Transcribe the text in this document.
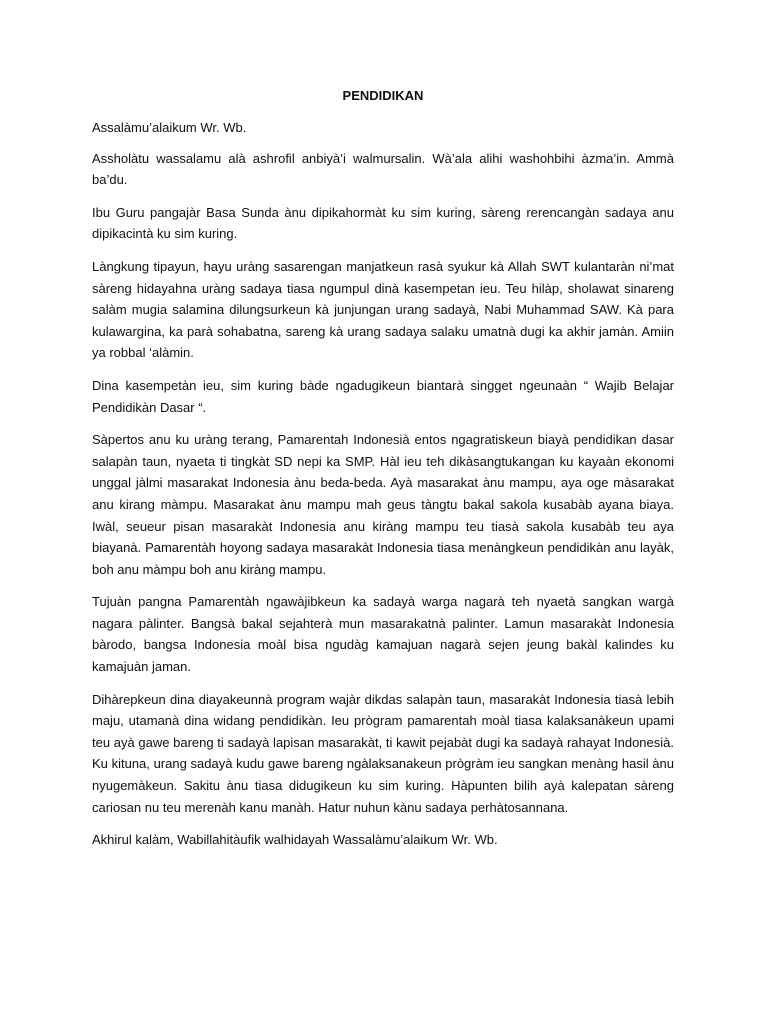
PENDIDIKAN

Assalàmu’alaikum Wr. Wb.

Assholàtu wassalamu alà ashrofil anbiyà’i walmursalin. Wà’ala alihi washohbihi àzma’in. Ammà ba’du.

Ibu Guru pangajàr Basa Sunda ànu dipikahormàt ku sim kuring, sàreng rerencangàn sadaya anu dipikacintà ku sim kuring.

Làngkung tipayun, hayu uràng sasarengan manjatkeun rasà syukur kà Allah SWT kulantaràn ni’mat sàreng hidayahna uràng sadaya tiasa ngumpul dinà kasempetan ieu. Teu hilàp, sholawat sinareng salàm mugia salamina dilungsurkeun kà junjungan urang sadayà, Nabi Muhammad SAW. Kà para kulawargina, ka parà sohabatna, sareng kà urang sadaya salaku umatnà dugi ka akhir jamàn. Amiin ya robbal ‘alàmin.

Dina kasempetàn ieu, sim kuring bàde ngadugikeun biantarà singget ngeunaàn “ Wajib Belajar Pendidikàn Dasar “.

Sàpertos anu ku uràng terang, Pamarentah Indonesià entos ngagratiskeun biayà pendidikan dasar salapàn taun, nyaeta ti tingkàt SD nepi ka SMP. Hàl ieu teh dikàsangtukangan ku kayaàn ekonomi unggal jàlmi masarakat Indonesia ànu beda-beda. Ayà masarakat ànu mampu, aya oge màsarakat anu kirang màmpu. Masarakat ànu mampu mah geus tàngtu bakal sakola kusabàb ayana biaya. Iwàl, seueur pisan masarakàt Indonesia anu kiràng mampu teu tiasà sakola kusabàb teu aya biayanà. Pamarentàh hoyong sadaya masarakàt Indonesia tiasa menàngkeun pendidikàn anu layàk, boh anu màmpu boh anu kiràng mampu.

Tujuàn pangna Pamarentàh ngawàjibkeun ka sadayà warga nagarà teh nyaetà sangkan wargà nagara pàlinter. Bangsà bakal sejahterà mun masarakatnà palinter. Lamun masarakàt Indonesia bàrodo, bangsa Indonesia moàl bisa ngudàg kamajuan nagarà sejen jeung bakàl kalindes ku kamajuàn jaman.

Dihàrepkeun dina diayakeunnà program wajàr dikdas salapàn taun, masarakàt Indonesia tiasà lebih maju, utamanà dina widang pendidikàn. Ieu prògram pamarentah moàl tiasa kalaksanàkeun upami teu ayà gawe bareng ti sadayà lapisan masarakàt, ti kawit pejabàt dugi ka sadayà rahayat Indonesià. Ku kituna, urang sadayà kudu gawe bareng ngàlaksanakeun prògràm ieu sangkan menàng hasil ànu nyugemàkeun. Sakitu ànu tiasa didugikeun ku sim kuring. Hàpunten bilih ayà kalepatan sàreng cariosan nu teu merenàh kanu manàh. Hatur nuhun kànu sadaya perhàtosannana.

Akhirul kalàm, Wabillahitàufik walhidayah Wassalàmu’alaikum Wr. Wb.
